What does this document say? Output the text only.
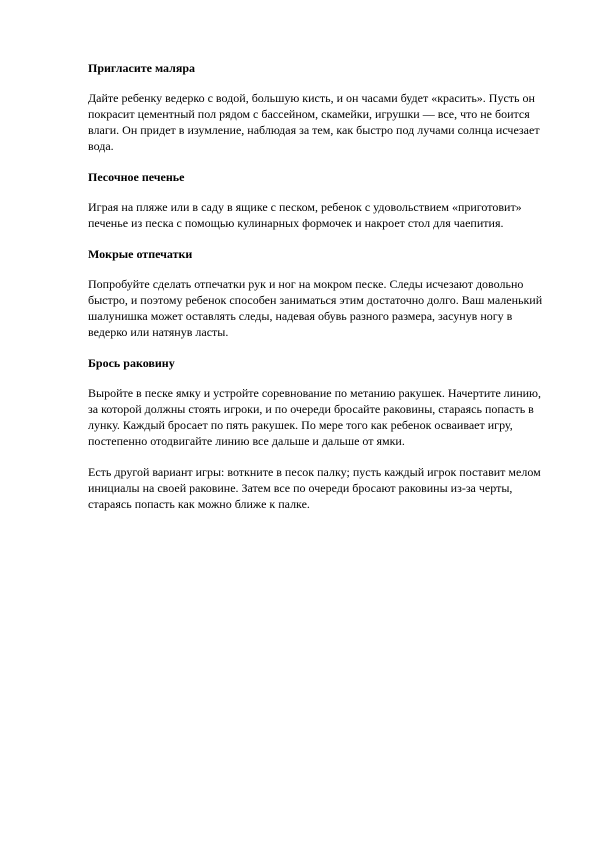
Пригласите маляра

Дайте ребенку ведерко с водой, большую кисть, и он часами будет «красить». Пусть он покрасит цементный пол рядом с бассейном, скамейки, игрушки — все, что не боится влаги. Он придет в изумление, наблюдая за тем, как быстро под лучами солнца исчезает вода.

Песочное печенье

Играя на пляже или в саду в ящике с песком, ребенок с удовольствием «приготовит» печенье из песка с помощью кулинарных формочек и накроет стол для чаепития.

Мокрые отпечатки

Попробуйте сделать отпечатки рук и ног на мокром песке. Следы исчезают довольно быстро, и поэтому ребенок способен заниматься этим достаточно долго. Ваш маленький шалунишка может оставлять следы, надевая обувь разного размера, засунув ногу в ведерко или натянув ласты.

Брось раковину

Выройте в песке ямку и устройте соревнование по метанию ракушек. Начертите линию, за которой должны стоять игроки, и по очереди бросайте раковины, стараясь попасть в лунку. Каждый бросает по пять ракушек. По мере того как ребенок осваивает игру, постепенно отодвигайте линию все дальше и дальше от ямки.

Есть другой вариант игры: воткните в песок палку; пусть каждый игрок поставит мелом инициалы на своей раковине. Затем все по очереди бросают раковины из-за черты, стараясь попасть как можно ближе к палке.
